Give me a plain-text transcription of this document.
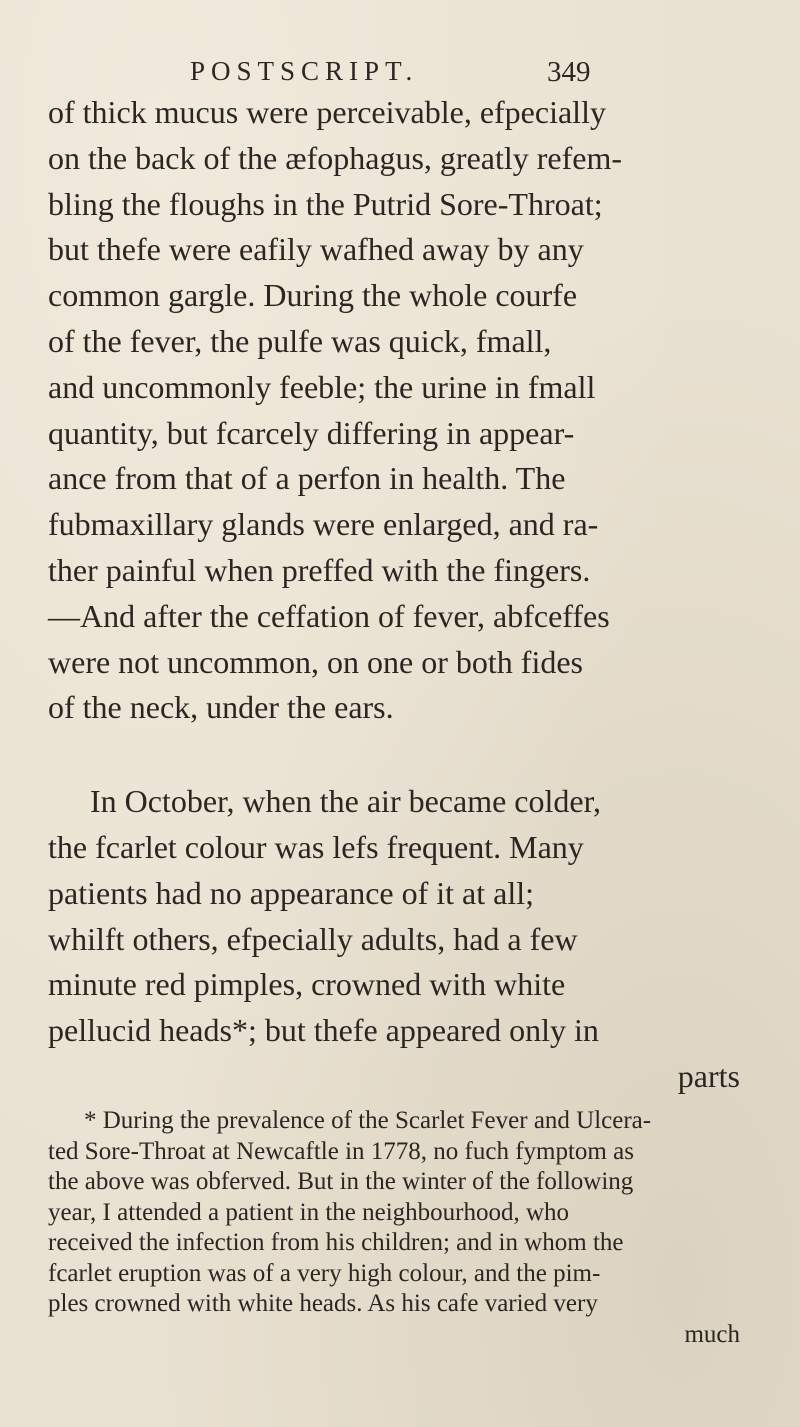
POSTSCRIPT.	349
of thick mucus were perceivable, efpecially
on the back of the æfophagus, greatly refem-
bling the floughs in the Putrid Sore-Throat;
but thefe were eafily wafhed away by any
common gargle. During the whole courfe
of the fever, the pulfe was quick, fmall,
and uncommonly feeble; the urine in fmall
quantity, but fcarcely differing in appear-
ance from that of a perfon in health. The
fubmaxillary glands were enlarged, and ra-
ther painful when preffed with the fingers.
—And after the ceffation of fever, abfceffes
were not uncommon, on one or both fides
of the neck, under the ears.
In October, when the air became colder,
the fcarlet colour was lefs frequent. Many
patients had no appearance of it at all;
whilft others, efpecially adults, had a few
minute red pimples, crowned with white
pellucid heads*; but thefe appeared only in
parts
* During the prevalence of the Scarlet Fever and Ulcera-
ted Sore-Throat at Newcaftle in 1778, no fuch fymptom as
the above was obferved. But in the winter of the following
year, I attended a patient in the neighbourhood, who
received the infection from his children; and in whom the
fcarlet eruption was of a very high colour, and the pim-
ples crowned with white heads. As his cafe varied very
much
